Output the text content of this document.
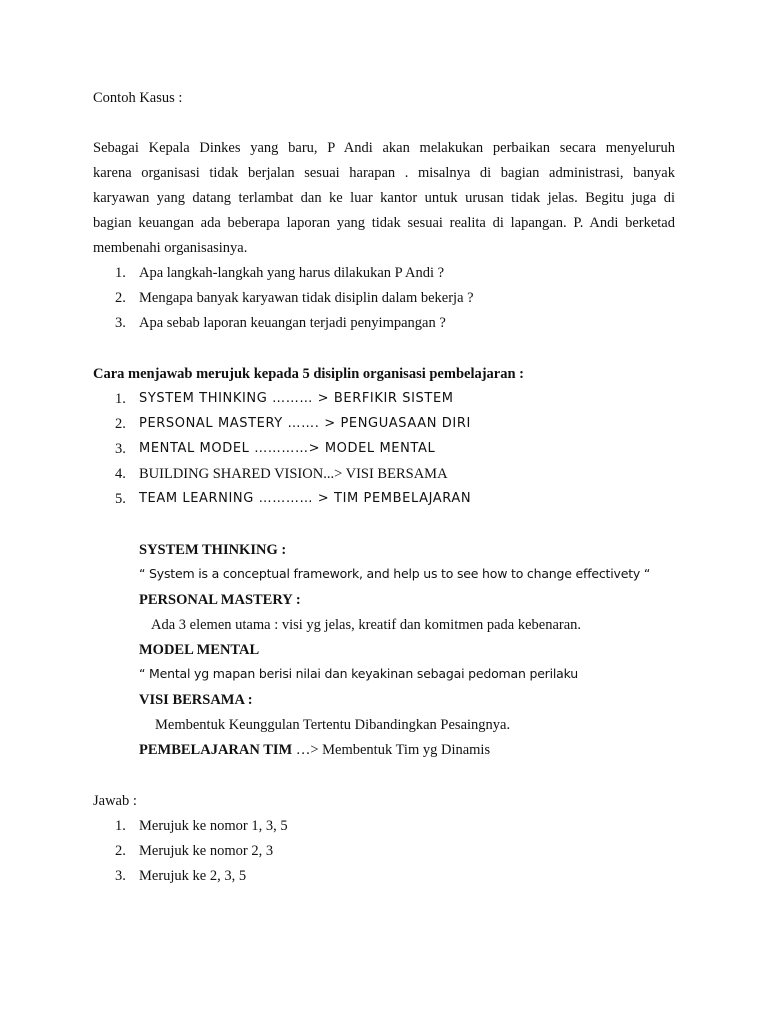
Contoh Kasus :
Sebagai Kepala Dinkes yang baru, P Andi akan melakukan perbaikan secara menyeluruh
karena organisasi tidak berjalan sesuai harapan . misalnya di bagian administrasi, banyak
karyawan yang datang terlambat dan ke luar kantor untuk urusan tidak jelas. Begitu juga di
bagian keuangan ada beberapa laporan yang tidak sesuai realita di lapangan. P. Andi berketad
membenahi organisasinya.
1. Apa langkah-langkah yang harus dilakukan P Andi ?
2. Mengapa banyak karyawan tidak disiplin dalam bekerja ?
3. Apa sebab laporan keuangan terjadi penyimpangan ?
Cara menjawab merujuk kepada 5 disiplin organisasi pembelajaran :
1. SYSTEM THINKING ……… > BERFIKIR SISTEM
2. PERSONAL MASTERY ……. > PENGUASAAN DIRI
3. MENTAL MODEL …………> MODEL MENTAL
4. BUILDING SHARED VISION...> VISI BERSAMA
5. TEAM LEARNING ………… > TIM PEMBELAJARAN
SYSTEM THINKING :
“ System is a conceptual framework, and help us to see how to change effectivety “
PERSONAL MASTERY :
Ada 3 elemen utama : visi yg jelas, kreatif dan komitmen pada kebenaran.
MODEL MENTAL
“ Mental yg mapan berisi nilai dan keyakinan sebagai pedoman perilaku
VISI BERSAMA :
Membentuk Keunggulan Tertentu Dibandingkan Pesaingnya.
PEMBELAJARAN TIM …> Membentuk Tim yg Dinamis
Jawab :
1. Merujuk ke nomor 1, 3, 5
2. Merujuk ke nomor 2, 3
3. Merujuk ke 2, 3, 5
